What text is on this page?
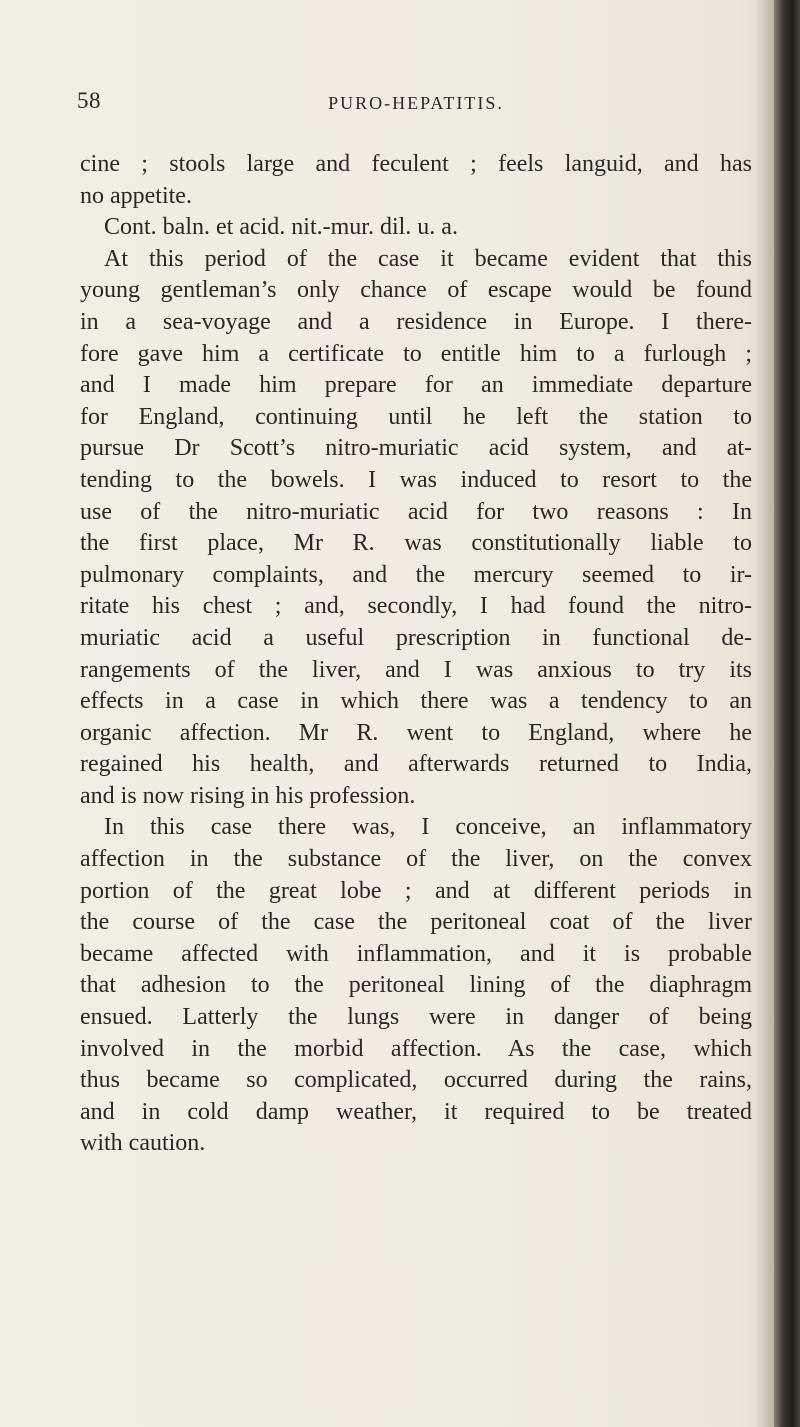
58	PURO-HEPATITIS.
cine ; stools large and feculent ; feels languid, and has
no appetite.
Cont. baln. et acid. nit.-mur. dil. u. a.
At this period of the case it became evident that this
young gentleman’s only chance of escape would be found
in a sea-voyage and a residence in Europe. I there-
fore gave him a certificate to entitle him to a furlough ;
and I made him prepare for an immediate departure
for England, continuing until he left the station to
pursue Dr Scott’s nitro-muriatic acid system, and at-
tending to the bowels. I was induced to resort to the
use of the nitro-muriatic acid for two reasons : In
the first place, Mr R. was constitutionally liable to
pulmonary complaints, and the mercury seemed to ir-
ritate his chest ; and, secondly, I had found the nitro-
muriatic acid a useful prescription in functional de-
rangements of the liver, and I was anxious to try its
effects in a case in which there was a tendency to an
organic affection. Mr R. went to England, where he
regained his health, and afterwards returned to India,
and is now rising in his profession.
In this case there was, I conceive, an inflammatory
affection in the substance of the liver, on the convex
portion of the great lobe ; and at different periods in
the course of the case the peritoneal coat of the liver
became affected with inflammation, and it is probable
that adhesion to the peritoneal lining of the diaphragm
ensued. Latterly the lungs were in danger of being
involved in the morbid affection. As the case, which
thus became so complicated, occurred during the rains,
and in cold damp weather, it required to be treated
with caution.
